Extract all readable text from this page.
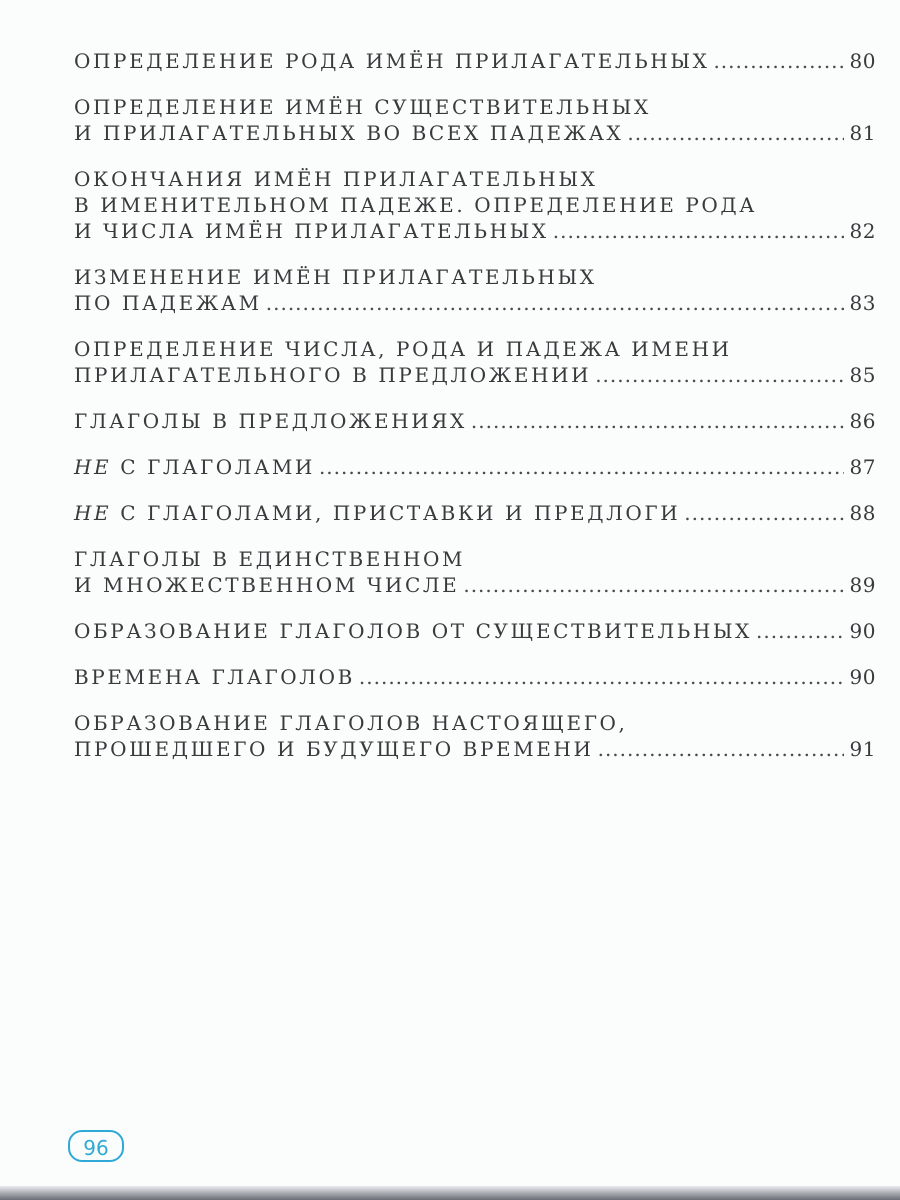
ОПРЕДЕЛЕНИЕ РОДА ИМЁН ПРИЛАГАТЕЛЬНЫХ .....	80
ОПРЕДЕЛЕНИЕ ИМЁН СУЩЕСТВИТЕЛЬНЫХ
И ПРИЛАГАТЕЛЬНЫХ ВО ВСЕХ ПАДЕЖАХ .....	81
ОКОНЧАНИЯ ИМЁН ПРИЛАГАТЕЛЬНЫХ
В ИМЕНИТЕЛЬНОМ ПАДЕЖЕ. ОПРЕДЕЛЕНИЕ РОДА
И ЧИСЛА ИМЁН ПРИЛАГАТЕЛЬНЫХ .....	82
ИЗМЕНЕНИЕ ИМЁН ПРИЛАГАТЕЛЬНЫХ
ПО ПАДЕЖАМ .....	83
ОПРЕДЕЛЕНИЕ ЧИСЛА, РОДА И ПАДЕЖА ИМЕНИ
ПРИЛАГАТЕЛЬНОГО В ПРЕДЛОЖЕНИИ .....	85
ГЛАГОЛЫ В ПРЕДЛОЖЕНИЯХ .....	86
НЕ С ГЛАГОЛАМИ .....	87
НЕ С ГЛАГОЛАМИ, ПРИСТАВКИ И ПРЕДЛОГИ .....	88
ГЛАГОЛЫ В ЕДИНСТВЕННОМ
И МНОЖЕСТВЕННОМ ЧИСЛЕ .....	89
ОБРАЗОВАНИЕ ГЛАГОЛОВ ОТ СУЩЕСТВИТЕЛЬНЫХ .....	90
ВРЕМЕНА ГЛАГОЛОВ .....	90
ОБРАЗОВАНИЕ ГЛАГОЛОВ НАСТОЯЩЕГО,
ПРОШЕДШЕГО И БУДУЩЕГО ВРЕМЕНИ .....	91
96
